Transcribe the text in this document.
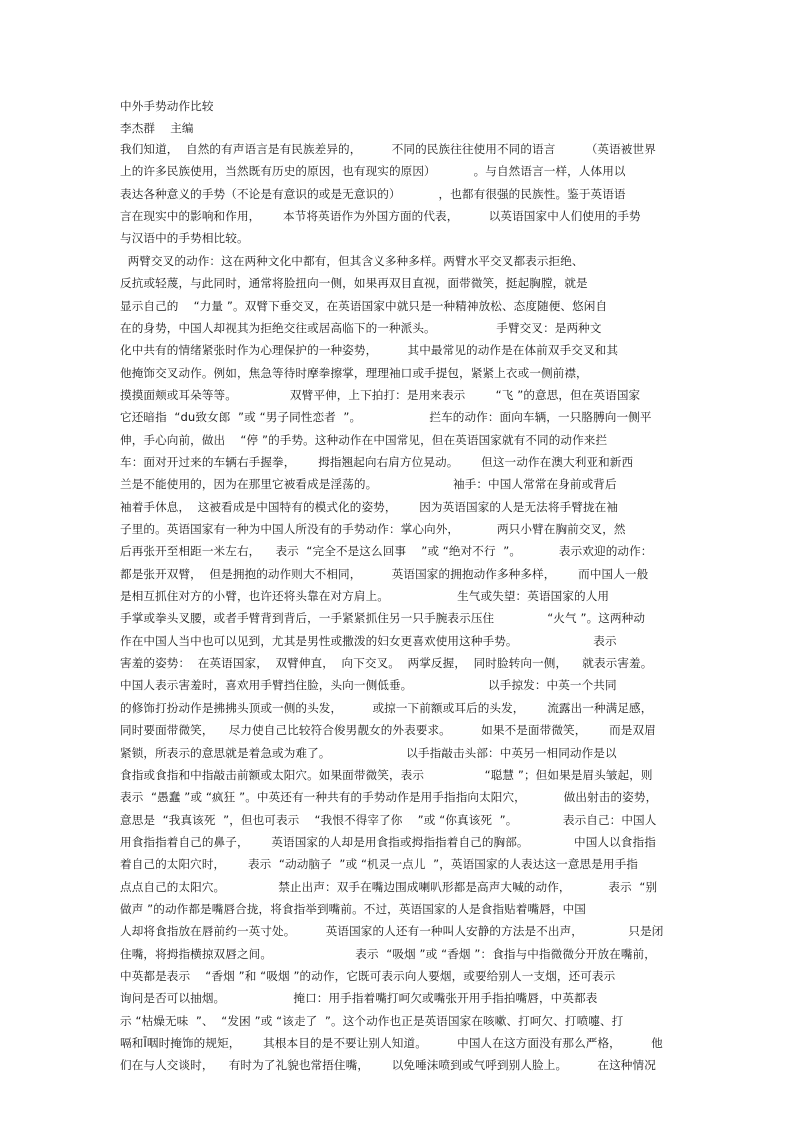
中外手势动作比较
李杰群    主编
我们知道，  自然的有声语言是有民族差异的，        不同的民族往往使用不同的语言        （英语被世界
上的许多民族使用，当然既有历史的原因，也有现实的原因）          。与自然语言一样，人体用以
表达各种意义的手势（不论是有意识的或是无意识的）          ，也都有很强的民族性。鉴于英语语
言在现实中的影响和作用，      本节将英语作为外国方面的代表，        以英语国家中人们使用的手势
与汉语中的手势相比较。
两臂交叉的动作：这在两种文化中都有，但其含义多种多样。两臂水平交叉都表示拒绝、
反抗或轻蔑，与此同时，通常将脸扭向一侧，如果再双目直视，面带微笑，挺起胸膛，就是
显示自己的    “力量 ”。双臂下垂交叉，在英语国家中就只是一种精神放松、态度随便、悠闲自
在的身势，中国人却视其为拒绝交往或居高临下的一种派头。                手臂交叉：是两种文
化中共有的情绪紧张时作为心理保护的一种姿势，        其中最常见的动作是在体前双手交叉和其
他掩饰交叉动作。例如，焦急等待时摩拳擦掌，理理袖口或手提包，紧紧上衣或一侧前襟，
摸摸面颊或耳朵等等。              双臂平伸，上下拍打：是用来表示        “飞 ”的意思，但在英语国家
它还暗指  “du致女郎  ”或 “男子同性恋者  ”。                  拦车的动作：面向车辆，一只胳膊向一侧平
伸，手心向前，做出    “停 ”的手势。这种动作在中国常见，但在英语国家就有不同的动作来拦
车：面对开过来的车辆右手握拳，      拇指翘起向右肩方位晃动。      但这一动作在澳大利亚和新西
兰是不能使用的，因为在那里它被看成是淫荡的。                    袖手：中国人常常在身前或背后
袖着手休息，  这被看成是中国特有的模式化的姿势，      因为英语国家的人是无法将手臂拢在袖
子里的。英语国家有一种为中国人所没有的手势动作：掌心向外，          两只小臂在胸前交叉，然
后再张开至相距一米左右，    表示  “完全不是这么回事    ”或 “绝对不行  ”。          表示欢迎的动作：
都是张开双臂，  但是拥抱的动作则大不相同，        英语国家的拥抱动作多种多样，      而中国人一般
是相互抓住对方的小臂，也许还将头靠在对方肩上。                  生气或失望：英语国家的人用
手掌或拳头叉腰，或者手臂背到背后，一手紧紧抓住另一只手腕表示压住              “火气 ”。这两种动
作在中国人当中也可以见到，尤其是男性或撒泼的妇女更喜欢使用这种手势。                    表示
害羞的姿势：  在英语国家，  双臂伸直，  向下交叉。  两掌反握，  同时脸转向一侧，    就表示害羞。
中国人表示害羞时，喜欢用手臂挡住脸，头向一侧低垂。                    以手掠发：中英一个共同
的修饰打扮动作是拂拂头顶或一侧的头发，        或掠一下前额或耳后的头发，      流露出一种满足感，
同时要面带微笑，    尽力使自己比较符合俊男靓女的外表要求。        如果不是面带微笑，      而是双眉
紧锁，所表示的意思就是着急或为难了。                    以手指敲击头部：中英另一相同动作是以
食指或食指和中指敲击前额或太阳穴。如果面带微笑，表示                “聪慧 ”；但如果是眉头皱起，则
表示  “愚蠢 ”或 “疯狂 ”。中英还有一种共有的手势动作是用手指指向太阳穴，          做出射击的姿势，
意思是  “我真该死  ”，但也可表示    “我恨不得宰了你    ”或 “你真该死  ”。            表示自己：中国人
用食指指着自己的鼻子，      英语国家的人却是用食指或拇指指着自己的胸部。            中国人以食指指
着自己的太阳穴时，      表示  “动动脑子  ”或 “机灵一点儿  ”，英语国家的人表达这一意思是用手指
点点自己的太阳穴。              禁止出声：双手在嘴边围成喇叭形都是高声大喊的动作，          表示  “别
做声 ”的动作都是嘴唇合拢，将食指举到嘴前。不过，英语国家的人是食指贴着嘴唇，中国
人却将食指放在唇前约一英寸处。        英语国家的人还有一种叫人安静的方法是不出声，            只是闭
住嘴，将拇指横掠双唇之间。                      表示  “吸烟 ”或 “香烟 ”：食指与中指微微分开放在嘴前，
中英都是表示    “香烟 ”和 “吸烟 ”的动作，它既可表示向人要烟，或要给别人一支烟，还可表示
询问是否可以抽烟。                  掩口：用手指着嘴打呵欠或嘴张开用手指拍嘴唇，中英都表
示 “枯燥无味  ”、  “发困 ”或 “该走了  ”。这个动作也正是英语国家在咳嗽、打呵欠、打喷嚏、打
嗝和Ī咽时掩饰的规矩，      其根本目的是不要让别人知道。        中国人在这方面没有那么严格，        他
们在与人交谈时，    有时为了礼貌也常捂住嘴，      以免唾沫喷到或气呼到别人脸上。        在这种情况
